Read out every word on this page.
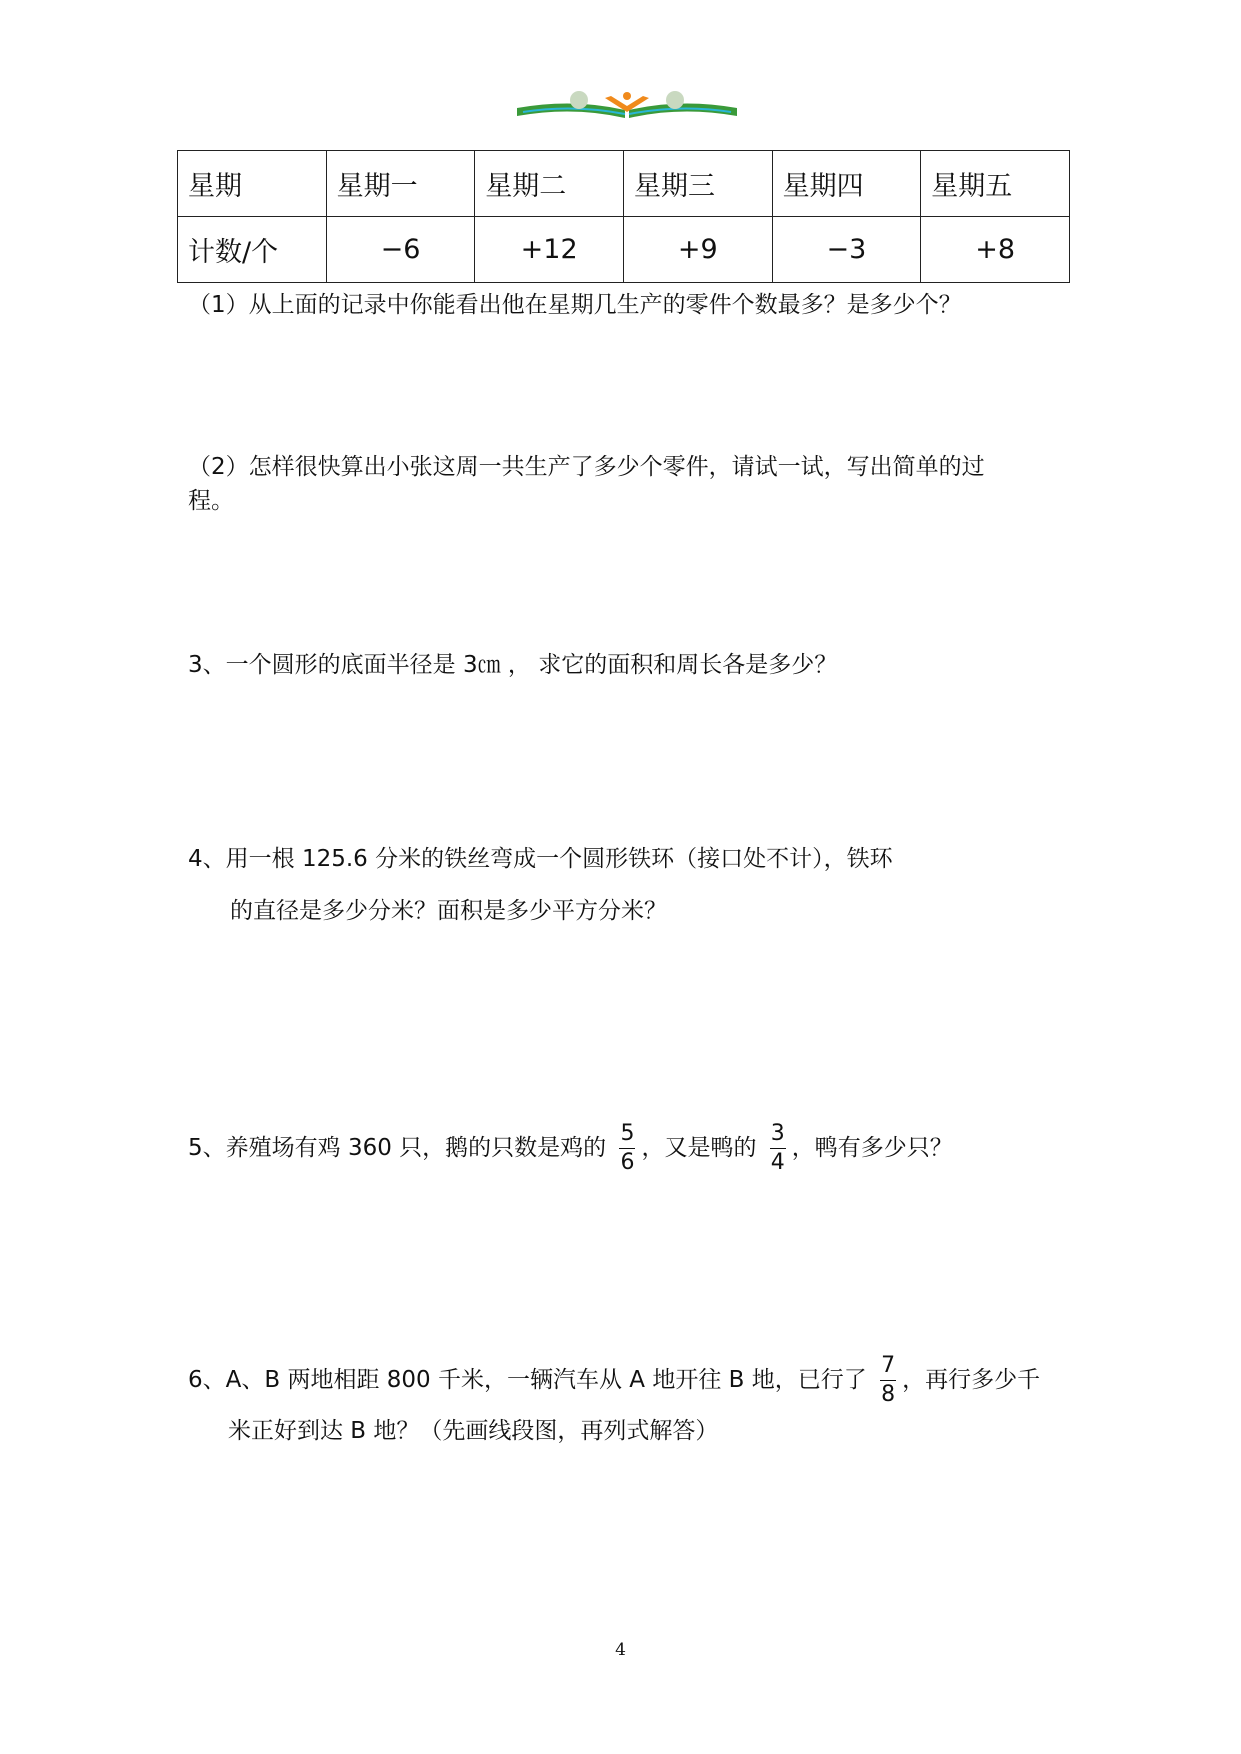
星期	星期一	星期二	星期三	星期四	星期五
计数/个	−6	+12	+9	−3	+8
（1）从上面的记录中你能看出他在星期几生产的零件个数最多？是多少个？
（2）怎样很快算出小张这周一共生产了多少个零件，请试一试，写出简单的过
程。
3、一个圆形的底面半径是 3㎝ ， 求它的面积和周长各是多少？
4、用一根 125.6 分米的铁丝弯成一个圆形铁环（接口处不计），铁环
的直径是多少分米？面积是多少平方分米？
5、养殖场有鸡 360 只，鹅的只数是鸡的 $\frac{5}{6}$ ，又是鸭的 $\frac{3}{4}$ ，鸭有多少只？
6、A、B 两地相距 800 千米，一辆汽车从 A 地开往 B 地，已行了 $\frac{7}{8}$ ，再行多少千
米正好到达 B 地？（先画线段图，再列式解答）
4
